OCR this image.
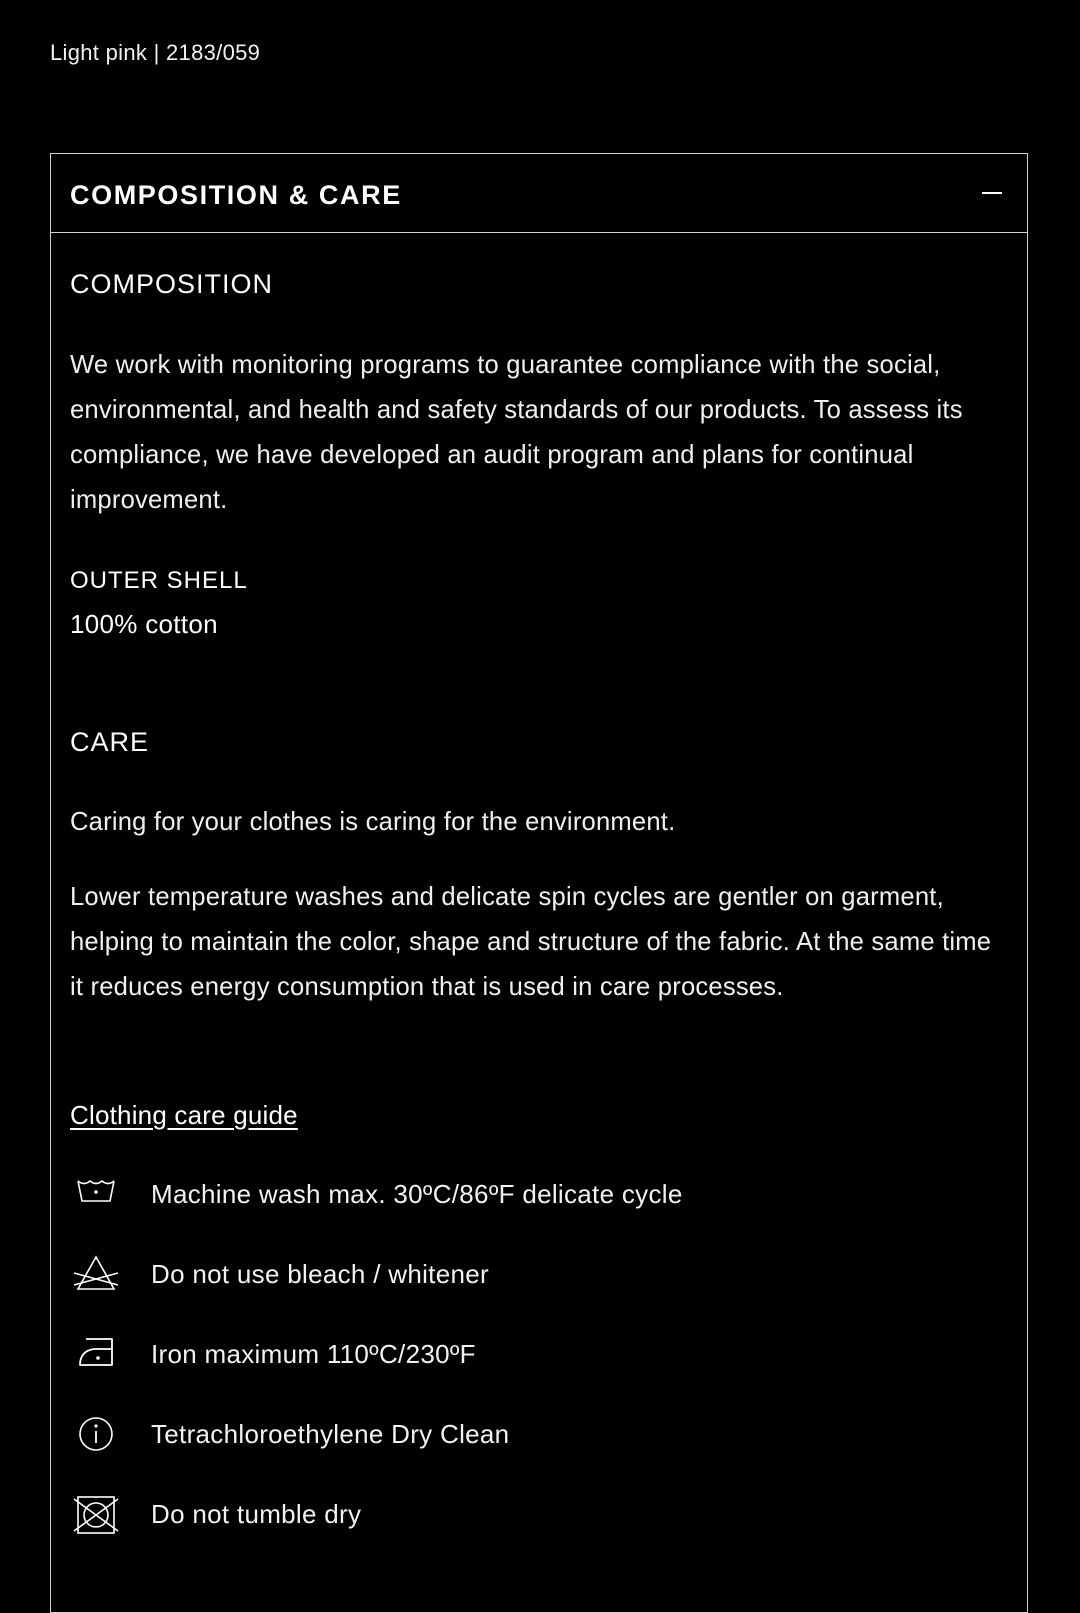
Light pink | 2183/059
COMPOSITION & CARE
COMPOSITION

We work with monitoring programs to guarantee compliance with the social, environmental, and health and safety standards of our products. To assess its compliance, we have developed an audit program and plans for continual improvement.

OUTER SHELL

100% cotton

CARE

Caring for your clothes is caring for the environment.

Lower temperature washes and delicate spin cycles are gentler on garment, helping to maintain the color, shape and structure of the fabric. At the same time it reduces energy consumption that is used in care processes.

Clothing care guide
Machine wash max. 30ºC/86ºF delicate cycle
Do not use bleach / whitener
Iron maximum 110ºC/230ºF
Tetrachloroethylene Dry Clean
Do not tumble dry
